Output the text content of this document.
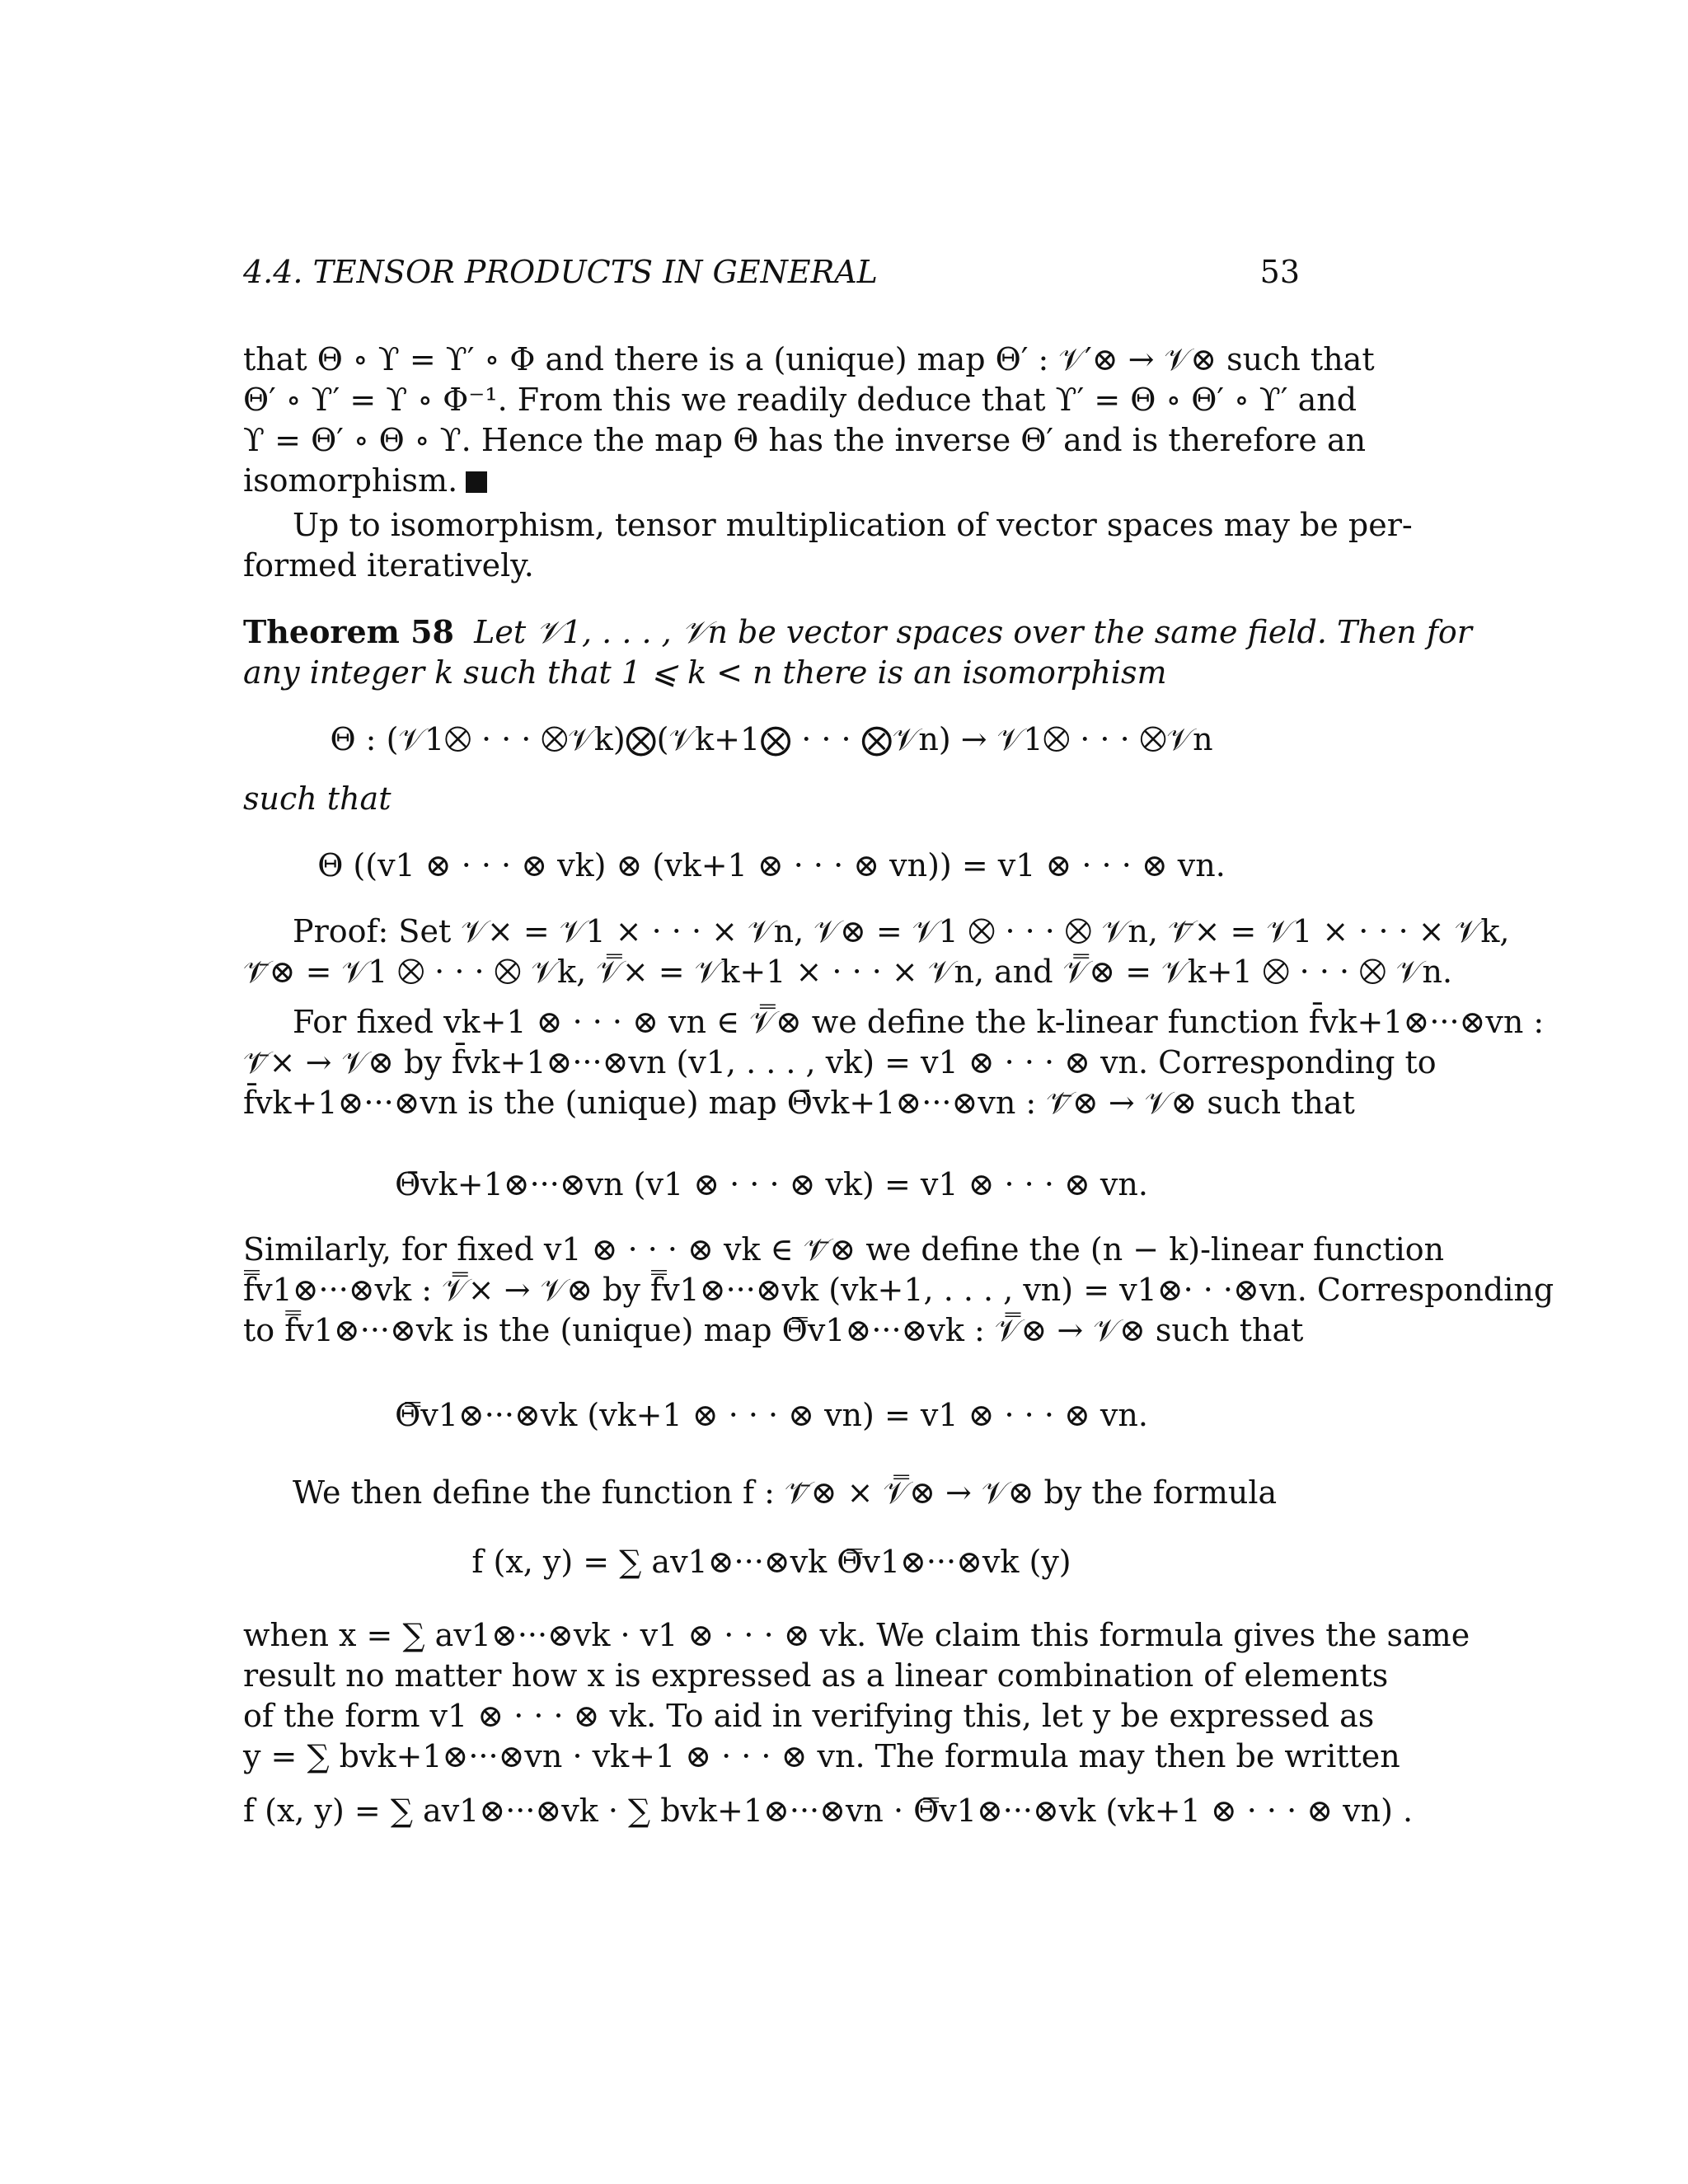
4.4. TENSOR PRODUCTS IN GENERAL	53
that Θ ∘ ϒ = ϒ′ ∘ Φ and there is a (unique) map Θ′ : 𝒱′⊗ → 𝒱⊗ such that
Θ′ ∘ ϒ′ = ϒ ∘ Φ⁻¹. From this we readily deduce that ϒ′ = Θ ∘ Θ′ ∘ ϒ′ and
ϒ = Θ′ ∘ Θ ∘ ϒ. Hence the map Θ has the inverse Θ′ and is therefore an
isomorphism.
Up to isomorphism, tensor multiplication of vector spaces may be per-
formed iteratively.
Theorem 58 Let 𝒱1, . . . , 𝒱n be vector spaces over the same field. Then for
any integer k such that 1 ⩽ k < n there is an isomorphism
Θ : (𝒱1⨂ · · · ⨂𝒱k)⨂(𝒱k+1⨂ · · · ⨂𝒱n) → 𝒱1⨂ · · · ⨂𝒱n
such that
Θ ((v1 ⊗ · · · ⊗ vk) ⊗ (vk+1 ⊗ · · · ⊗ vn)) = v1 ⊗ · · · ⊗ vn.
Proof: Set 𝒱× = 𝒱1 × · · · × 𝒱n, 𝒱⊗ = 𝒱1 ⨂ · · · ⨂ 𝒱n, 𝒱̄× = 𝒱1 × · · · × 𝒱k,
𝒱̄⊗ = 𝒱1 ⨂ · · · ⨂ 𝒱k, 𝒱̿× = 𝒱k+1 × · · · × 𝒱n, and 𝒱̿⊗ = 𝒱k+1 ⨂ · · · ⨂ 𝒱n.
For fixed vk+1 ⊗ · · · ⊗ vn ∈ 𝒱̿⊗ we define the k-linear function f̄vk+1⊗···⊗vn :
𝒱̄× → 𝒱⊗ by f̄vk+1⊗···⊗vn (v1, . . . , vk) = v1 ⊗ · · · ⊗ vn. Corresponding to
f̄vk+1⊗···⊗vn is the (unique) map Θ̄vk+1⊗···⊗vn : 𝒱̄⊗ → 𝒱⊗ such that
Θ̄vk+1⊗···⊗vn (v1 ⊗ · · · ⊗ vk) = v1 ⊗ · · · ⊗ vn.
Similarly, for fixed v1 ⊗ · · · ⊗ vk ∈ 𝒱̄⊗ we define the (n − k)-linear function
f̿v1⊗···⊗vk : 𝒱̿× → 𝒱⊗ by f̿v1⊗···⊗vk (vk+1, . . . , vn) = v1⊗· · ·⊗vn. Corresponding
to f̿v1⊗···⊗vk is the (unique) map Θ̿v1⊗···⊗vk : 𝒱̿⊗ → 𝒱⊗ such that
Θ̿v1⊗···⊗vk (vk+1 ⊗ · · · ⊗ vn) = v1 ⊗ · · · ⊗ vn.
We then define the function f : 𝒱̄⊗ × 𝒱̿⊗ → 𝒱⊗ by the formula
f (x, y) = ∑ av1⊗···⊗vk Θ̿v1⊗···⊗vk (y)
when x = ∑ av1⊗···⊗vk · v1 ⊗ · · · ⊗ vk. We claim this formula gives the same
result no matter how x is expressed as a linear combination of elements
of the form v1 ⊗ · · · ⊗ vk. To aid in verifying this, let y be expressed as
y = ∑ bvk+1⊗···⊗vn · vk+1 ⊗ · · · ⊗ vn. The formula may then be written
f (x, y) = ∑ av1⊗···⊗vk · ∑ bvk+1⊗···⊗vn · Θ̿v1⊗···⊗vk (vk+1 ⊗ · · · ⊗ vn) .
